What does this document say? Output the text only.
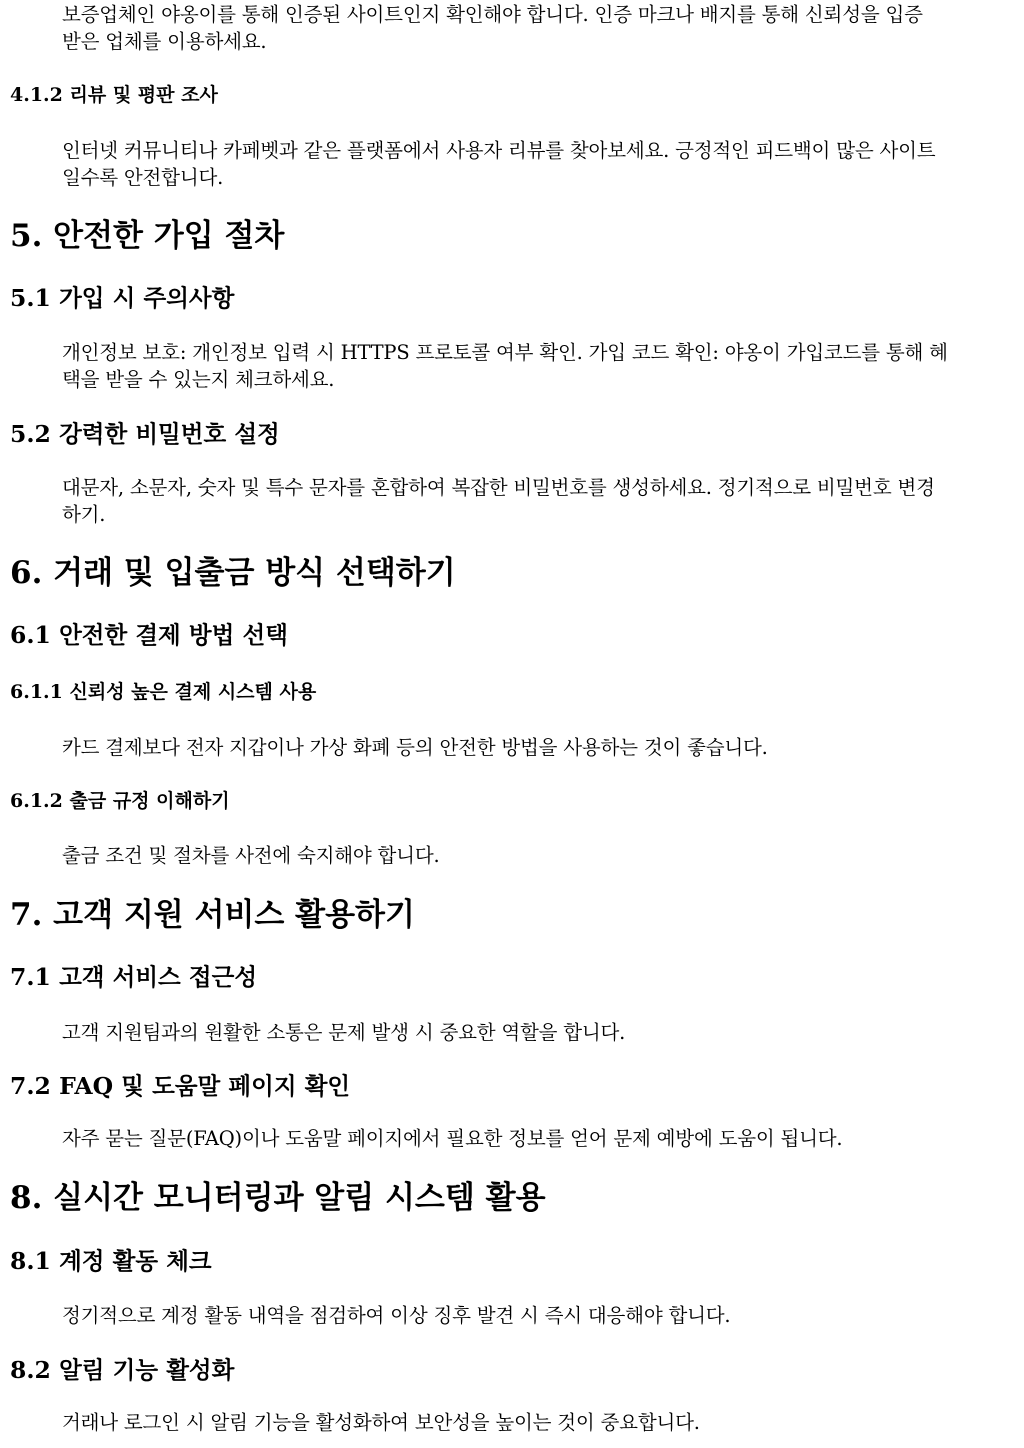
보증업체인 야옹이를 통해 인증된 사이트인지 확인해야 합니다. 인증 마크나 배지를 통해 신뢰성을 입증

받은 업체를 이용하세요.

4.1.2 리뷰 및 평판 조사

인터넷 커뮤니티나 카페벳과 같은 플랫폼에서 사용자 리뷰를 찾아보세요. 긍정적인 피드백이 많은 사이트

일수록 안전합니다.

5. 안전한 가입 절차
5.1 가입 시 주의사항

개인정보 보호: 개인정보 입력 시 HTTPS 프로토콜 여부 확인. 가입 코드 확인: 야옹이 가입코드를 통해 혜

택을 받을 수 있는지 체크하세요.

5.2 강력한 비밀번호 설정

대문자, 소문자, 숫자 및 특수 문자를 혼합하여 복잡한 비밀번호를 생성하세요. 정기적으로 비밀번호 변경

하기.

6. 거래 및 입출금 방식 선택하기
6.1 안전한 결제 방법 선택
6.1.1 신뢰성 높은 결제 시스템 사용

카드 결제보다 전자 지갑이나 가상 화폐 등의 안전한 방법을 사용하는 것이 좋습니다.

6.1.2 출금 규정 이해하기

출금 조건 및 절차를 사전에 숙지해야 합니다.

7. 고객 지원 서비스 활용하기
7.1 고객 서비스 접근성

고객 지원팀과의 원활한 소통은 문제 발생 시 중요한 역할을 합니다.

7.2 FAQ 및 도움말 페이지 확인

자주 묻는 질문(FAQ)이나 도움말 페이지에서 필요한 정보를 얻어 문제 예방에 도움이 됩니다.

8. 실시간 모니터링과 알림 시스템 활용
8.1 계정 활동 체크

정기적으로 계정 활동 내역을 점검하여 이상 징후 발견 시 즉시 대응해야 합니다.

8.2 알림 기능 활성화

거래나 로그인 시 알림 기능을 활성화하여 보안성을 높이는 것이 중요합니다.
